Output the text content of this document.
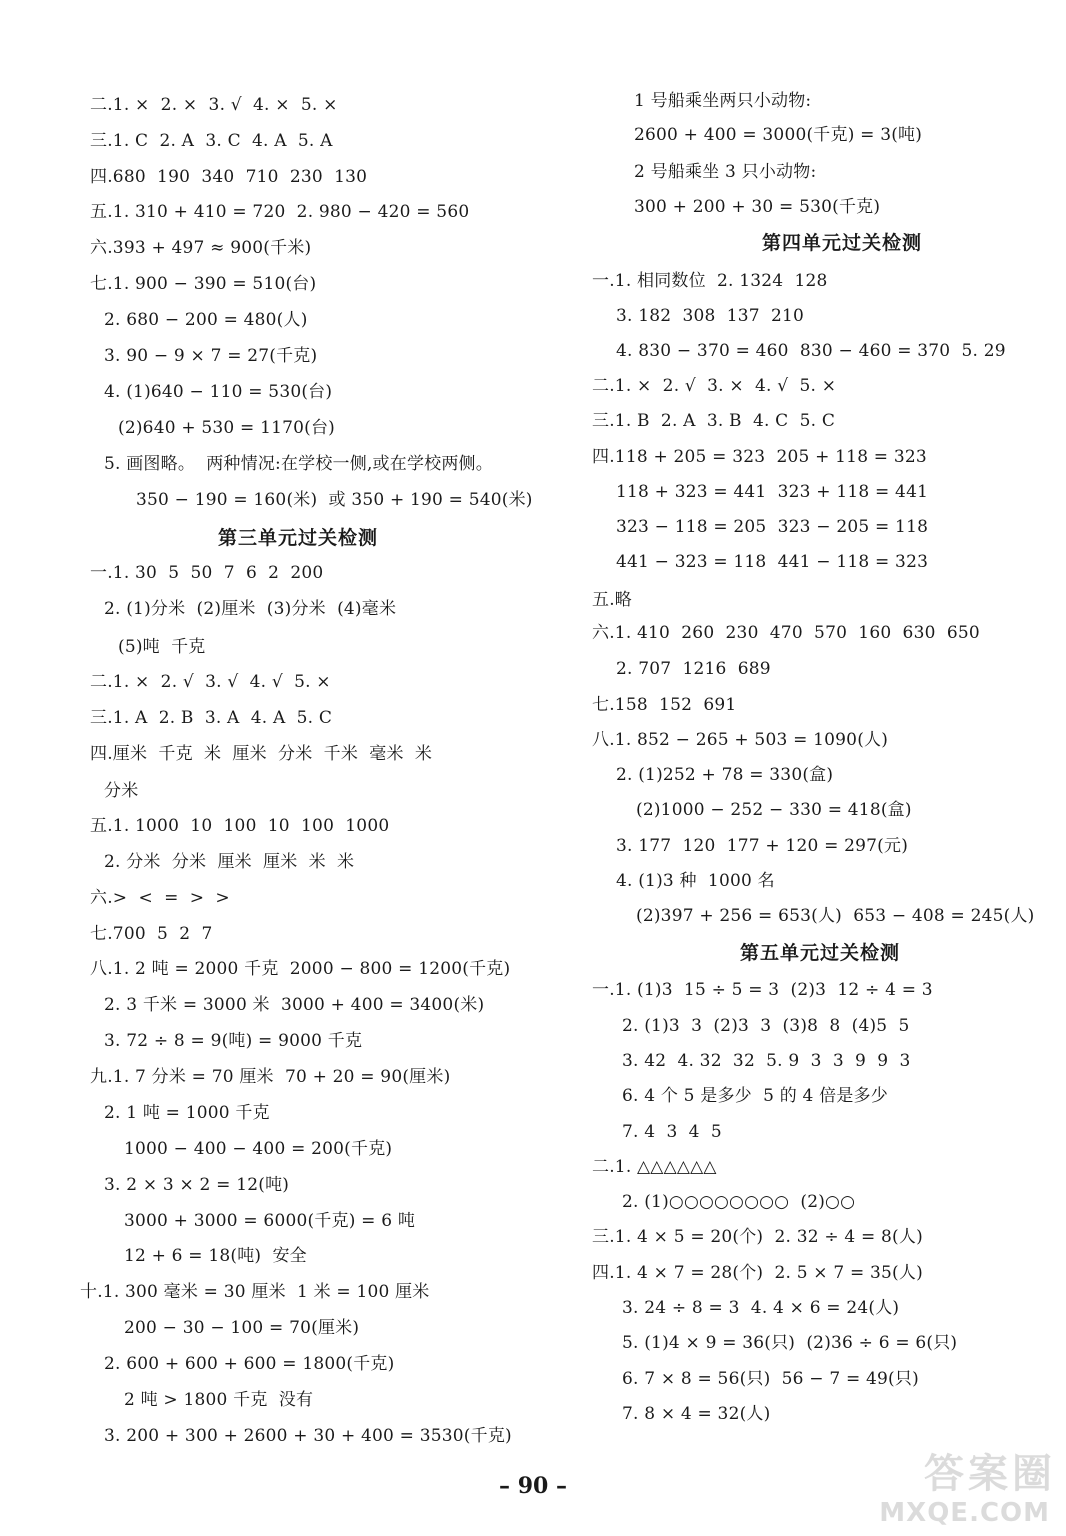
二.1. ×  2. ×  3. √  4. ×  5. ×
三.1. C  2. A  3. C  4. A  5. A
四.680  190  340  710  230  130
五.1. 310 + 410 = 720  2. 980 − 420 = 560
六.393 + 497 ≈ 900(千米)
七.1. 900 − 390 = 510(台)
2. 680 − 200 = 480(人)
3. 90 − 9 × 7 = 27(千克)
4. (1)640 − 110 = 530(台)
(2)640 + 530 = 1170(台)
5. 画图略。  两种情况:在学校一侧,或在学校两侧。
350 − 190 = 160(米)  或 350 + 190 = 540(米)
第三单元过关检测
一.1. 30  5  50  7  6  2  200
2. (1)分米  (2)厘米  (3)分米  (4)毫米
(5)吨  千克
二.1. ×  2. √  3. √  4. √  5. ×
三.1. A  2. B  3. A  4. A  5. C
四.厘米  千克  米  厘米  分米  千米  毫米  米
分米
五.1. 1000  10  100  10  100  1000
2. 分米  分米  厘米  厘米  米  米
六.>  <  =  >  >
七.700  5  2  7
八.1. 2 吨 = 2000 千克  2000 − 800 = 1200(千克)
2. 3 千米 = 3000 米  3000 + 400 = 3400(米)
3. 72 ÷ 8 = 9(吨) = 9000 千克
九.1. 7 分米 = 70 厘米  70 + 20 = 90(厘米)
2. 1 吨 = 1000 千克
1000 − 400 − 400 = 200(千克)
3. 2 × 3 × 2 = 12(吨)
3000 + 3000 = 6000(千克) = 6 吨
12 + 6 = 18(吨)  安全
十.1. 300 毫米 = 30 厘米  1 米 = 100 厘米
200 − 30 − 100 = 70(厘米)
2. 600 + 600 + 600 = 1800(千克)
2 吨 > 1800 千克  没有
3. 200 + 300 + 2600 + 30 + 400 = 3530(千克)
1 号船乘坐两只小动物:
2600 + 400 = 3000(千克) = 3(吨)
2 号船乘坐 3 只小动物:
300 + 200 + 30 = 530(千克)
第四单元过关检测
一.1. 相同数位  2. 1324  128
3. 182  308  137  210
4. 830 − 370 = 460  830 − 460 = 370  5. 29
二.1. ×  2. √  3. ×  4. √  5. ×
三.1. B  2. A  3. B  4. C  5. C
四.118 + 205 = 323  205 + 118 = 323
118 + 323 = 441  323 + 118 = 441
323 − 118 = 205  323 − 205 = 118
441 − 323 = 118  441 − 118 = 323
五.略
六.1. 410  260  230  470  570  160  630  650
2. 707  1216  689
七.158  152  691
八.1. 852 − 265 + 503 = 1090(人)
2. (1)252 + 78 = 330(盒)
(2)1000 − 252 − 330 = 418(盒)
3. 177  120  177 + 120 = 297(元)
4. (1)3 种  1000 名
(2)397 + 256 = 653(人)  653 − 408 = 245(人)
第五单元过关检测
一.1. (1)3  15 ÷ 5 = 3  (2)3  12 ÷ 4 = 3
2. (1)3  3  (2)3  3  (3)8  8  (4)5  5
3. 42  4. 32  32  5. 9  3  3  9  9  3
6. 4 个 5 是多少  5 的 4 倍是多少
7. 4  3  4  5
二.1. △△△△△△
2. (1)○○○○○○○○  (2)○○
三.1. 4 × 5 = 20(个)  2. 32 ÷ 4 = 8(人)
四.1. 4 × 7 = 28(个)  2. 5 × 7 = 35(人)
3. 24 ÷ 8 = 3  4. 4 × 6 = 24(人)
5. (1)4 × 9 = 36(只)  (2)36 ÷ 6 = 6(只)
6. 7 × 8 = 56(只)  56 − 7 = 49(只)
7. 8 × 4 = 32(人)
– 90 –	答案圈
MXQE.COM
